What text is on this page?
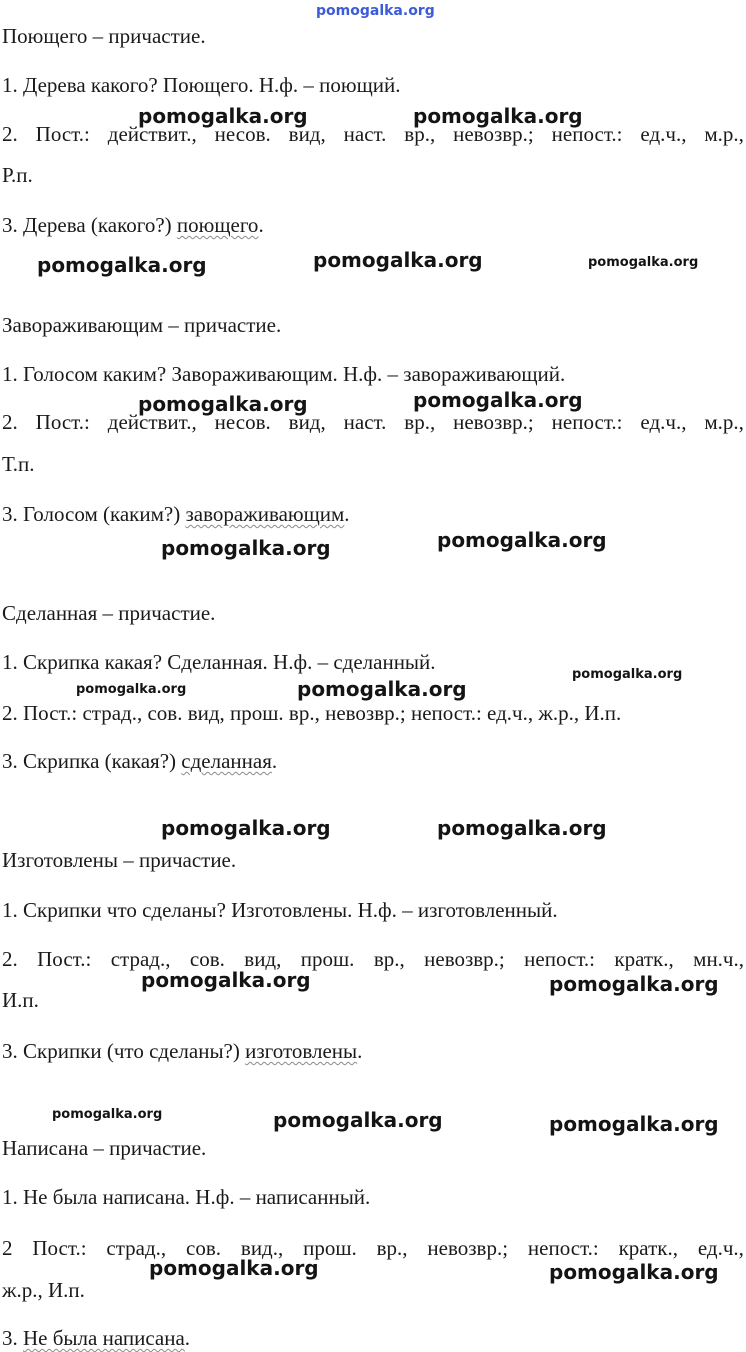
pomogalka.org
Поющего – причастие.
1. Дерева какого? Поющего. Н.ф. – поющий.
2. Пост.: действит., несов. вид, наст. вр., невозвр.; непост.: ед.ч., м.р.,
Р.п.
3. Дерева (какого?) поющего.
Завораживающим – причастие.
1. Голосом каким? Завораживающим. Н.ф. – завораживающий.
2. Пост.: действит., несов. вид, наст. вр., невозвр.; непост.: ед.ч., м.р.,
Т.п.
3. Голосом (каким?) завораживающим.
Сделанная – причастие.
1. Скрипка какая? Сделанная. Н.ф. – сделанный.
2. Пост.: страд., сов. вид, прош. вр., невозвр.; непост.: ед.ч., ж.р., И.п.
3. Скрипка (какая?) сделанная.
Изготовлены – причастие.
1. Скрипки что сделаны? Изготовлены. Н.ф. – изготовленный.
2. Пост.: страд., сов. вид, прош. вр., невозвр.; непост.: кратк., мн.ч.,
И.п.
3. Скрипки (что сделаны?) изготовлены.
Написана – причастие.
1. Не была написана. Н.ф. – написанный.
2 Пост.: страд., сов. вид., прош. вр., невозвр.; непост.: кратк., ед.ч.,
ж.р., И.п.
3. Не была написана.
pomogalka.org	pomogalka.org
pomogalka.org	pomogalka.org	pomogalka.org
pomogalka.org	pomogalka.org
pomogalka.org	pomogalka.org
pomogalka.org
pomogalka.org	pomogalka.org
pomogalka.org	pomogalka.org
pomogalka.org	pomogalka.org
pomogalka.org	pomogalka.org	pomogalka.org
pomogalka.org	pomogalka.org
